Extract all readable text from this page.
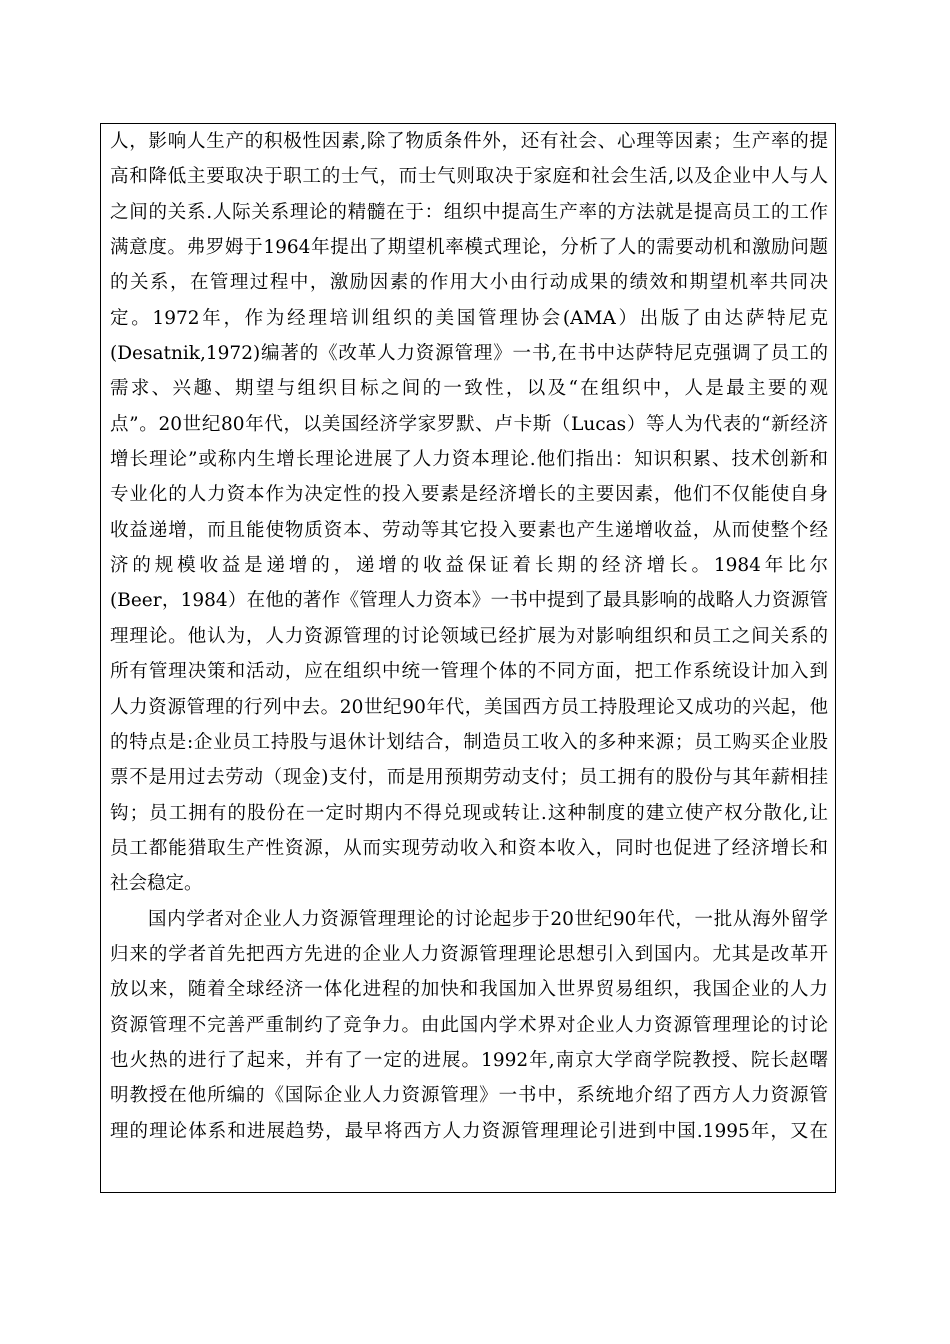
人，影响人生产的积极性因素,除了物质条件外，还有社会、心理等因素；生产率的提
高和降低主要取决于职工的士气，而士气则取决于家庭和社会生活,以及企业中人与人
之间的关系.人际关系理论的精髓在于：组织中提高生产率的方法就是提高员工的工作
满意度。弗罗姆于1964年提出了期望机率模式理论，分析了人的需要动机和激励问题
的关系，在管理过程中，激励因素的作用大小由行动成果的绩效和期望机率共同决
定。1972年，作为经理培训组织的美国管理协会(AMA）出版了由达萨特尼克
(Desatnik,1972)编著的《改革人力资源管理》一书,在书中达萨特尼克强调了员工的
需求、兴趣、期望与组织目标之间的一致性，以及“在组织中，人是最主要的观
点”。20世纪80年代，以美国经济学家罗默、卢卡斯（Lucas）等人为代表的“新经济
增长理论”或称内生增长理论进展了人力资本理论.他们指出：知识积累、技术创新和
专业化的人力资本作为决定性的投入要素是经济增长的主要因素，他们不仅能使自身
收益递增，而且能使物质资本、劳动等其它投入要素也产生递增收益，从而使整个经
济的规模收益是递增的，递增的收益保证着长期的经济增长。1984年比尔
(Beer，1984）在他的著作《管理人力资本》一书中提到了最具影响的战略人力资源管
理理论。他认为，人力资源管理的讨论领域已经扩展为对影响组织和员工之间关系的
所有管理决策和活动，应在组织中统一管理个体的不同方面，把工作系统设计加入到
人力资源管理的行列中去。20世纪90年代，美国西方员工持股理论又成功的兴起，他
的特点是:企业员工持股与退休计划结合，制造员工收入的多种来源；员工购买企业股
票不是用过去劳动（现金)支付，而是用预期劳动支付；员工拥有的股份与其年薪相挂
钩；员工拥有的股份在一定时期内不得兑现或转让.这种制度的建立使产权分散化,让
员工都能猎取生产性资源，从而实现劳动收入和资本收入，同时也促进了经济增长和
社会稳定。
国内学者对企业人力资源管理理论的讨论起步于20世纪90年代，一批从海外留学
归来的学者首先把西方先进的企业人力资源管理理论思想引入到国内。尤其是改革开
放以来，随着全球经济一体化进程的加快和我国加入世界贸易组织，我国企业的人力
资源管理不完善严重制约了竞争力。由此国内学术界对企业人力资源管理理论的讨论
也火热的进行了起来，并有了一定的进展。1992年,南京大学商学院教授、院长赵曙
明教授在他所编的《国际企业人力资源管理》一书中，系统地介绍了西方人力资源管
理的理论体系和进展趋势，最早将西方人力资源管理理论引进到中国.1995年，又在
